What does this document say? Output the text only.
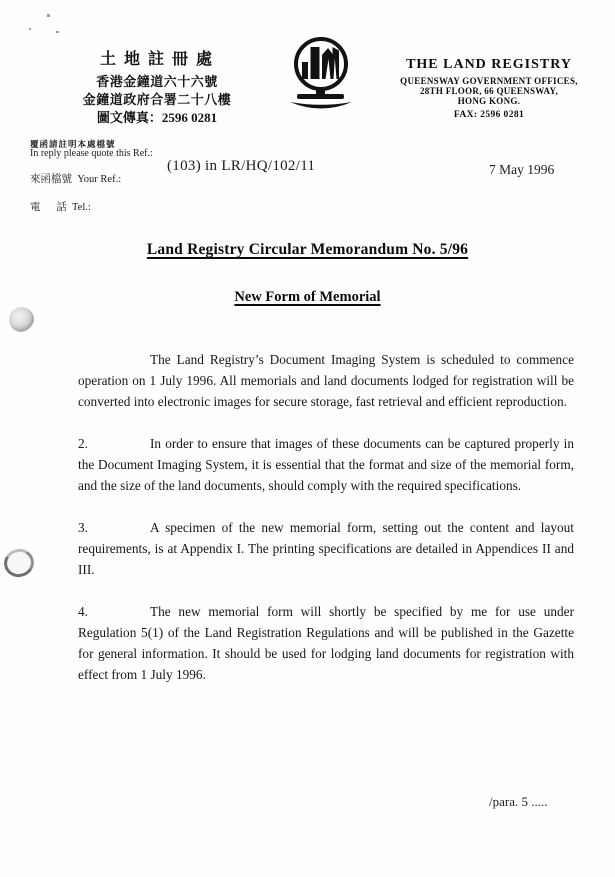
土 地 註 冊 處
香港金鐘道六十六號
金鐘道政府合署二十八樓
圖文傳真：2596 0281
THE LAND REGISTRY
QUEENSWAY GOVERNMENT OFFICES,
28TH FLOOR, 66 QUEENSWAY,
HONG KONG.
FAX: 2596 0281
覆函請註明本處檔號
In reply please quote this Ref.:
來函檔號  Your Ref.:
(103) in LR/HQ/102/11	7 May 1996
電      話  Tel.:
Land Registry Circular Memorandum No. 5/96
New Form of Memorial
The Land Registry’s Document Imaging System is scheduled to commence operation on 1 July 1996. All memorials and land documents lodged for registration will be converted into electronic images for secure storage, fast retrieval and efficient reproduction.
2.	In order to ensure that images of these documents can be captured properly in the Document Imaging System, it is essential that the format and size of the memorial form, and the size of the land documents, should comply with the required specifications.
3.	A specimen of the new memorial form, setting out the content and layout requirements, is at Appendix I. The printing specifications are detailed in Appendices II and III.
4.	The new memorial form will shortly be specified by me for use under Regulation 5(1) of the Land Registration Regulations and will be published in the Gazette for general information. It should be used for lodging land documents for registration with effect from 1 July 1996.
/para. 5 .....
